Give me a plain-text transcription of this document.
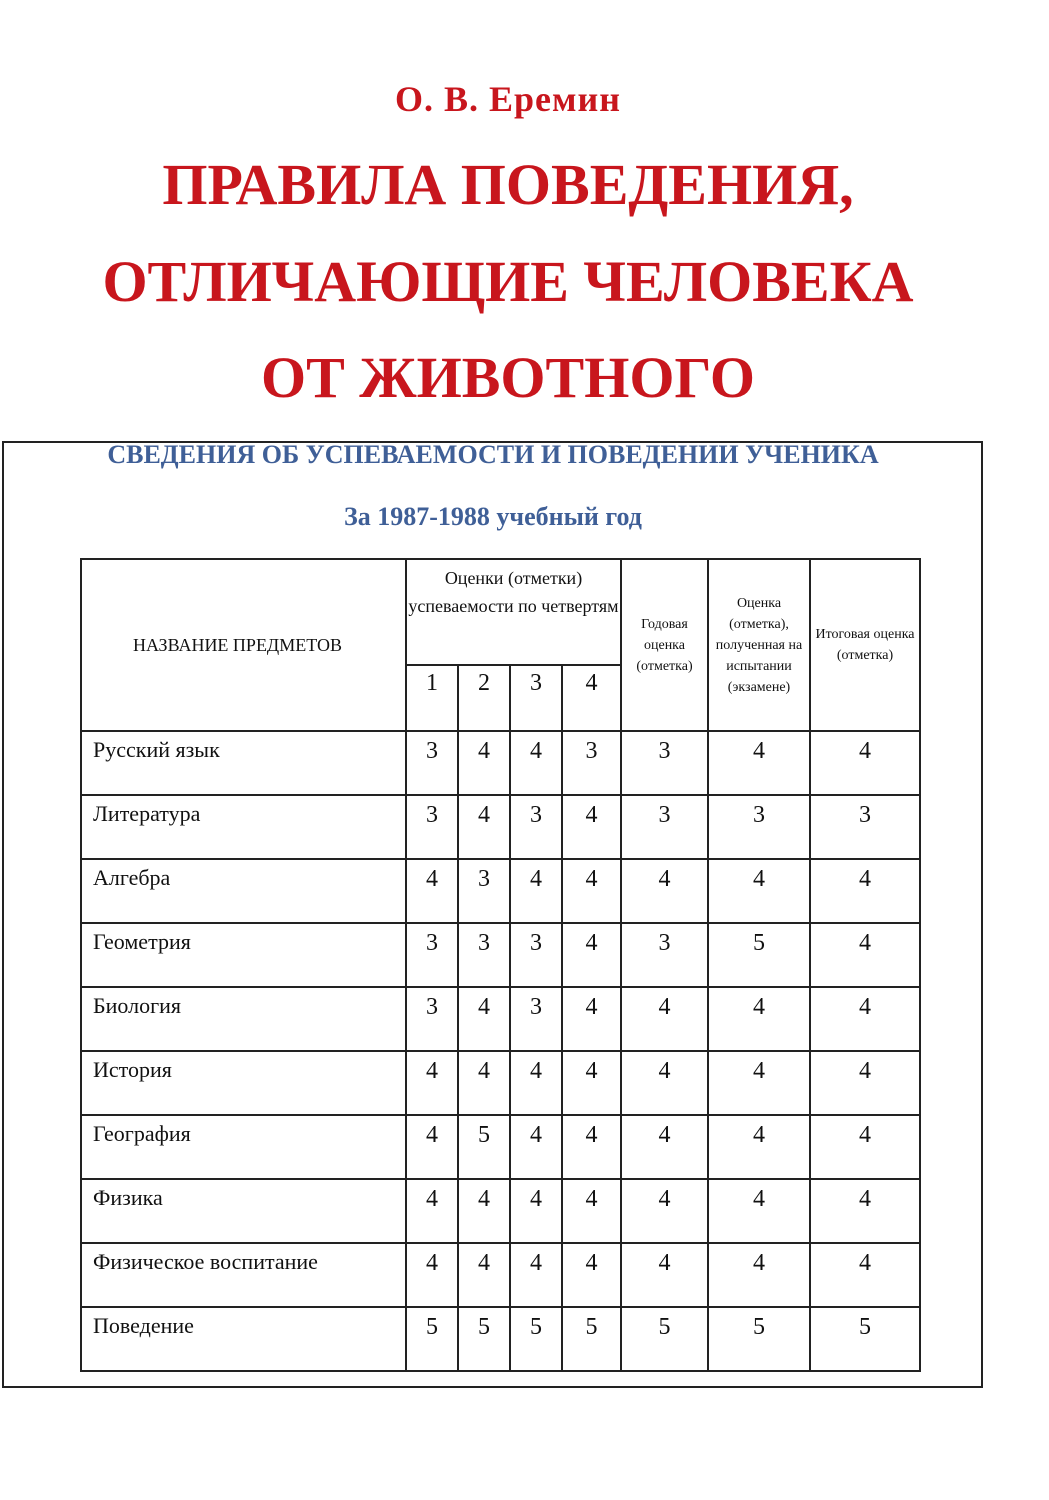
О. В. Еремин
ПРАВИЛА ПОВЕДЕНИЯ,
ОТЛИЧАЮЩИЕ ЧЕЛОВЕКА
ОТ ЖИВОТНОГО
СВЕДЕНИЯ ОБ УСПЕВАЕМОСТИ И ПОВЕДЕНИИ УЧЕНИКА
За 1987-1988 учебный год
НАЗВАНИЕ ПРЕДМЕТОВ	Оценки (отметки) успеваемости по четвертям				Годовая оценка (отметка)	Оценка (отметка), полученная на испытании (экзамене)	Итоговая оценка (отметка)
	1	2	3	4			
Русский язык	3	4	4	3	3	4	4
Литература	3	4	3	4	3	3	3
Алгебра	4	3	4	4	4	4	4
Геометрия	3	3	3	4	3	5	4
Биология	3	4	3	4	4	4	4
История	4	4	4	4	4	4	4
География	4	5	4	4	4	4	4
Физика	4	4	4	4	4	4	4
Физическое воспитание	4	4	4	4	4	4	4
Поведение	5	5	5	5	5	5	5
